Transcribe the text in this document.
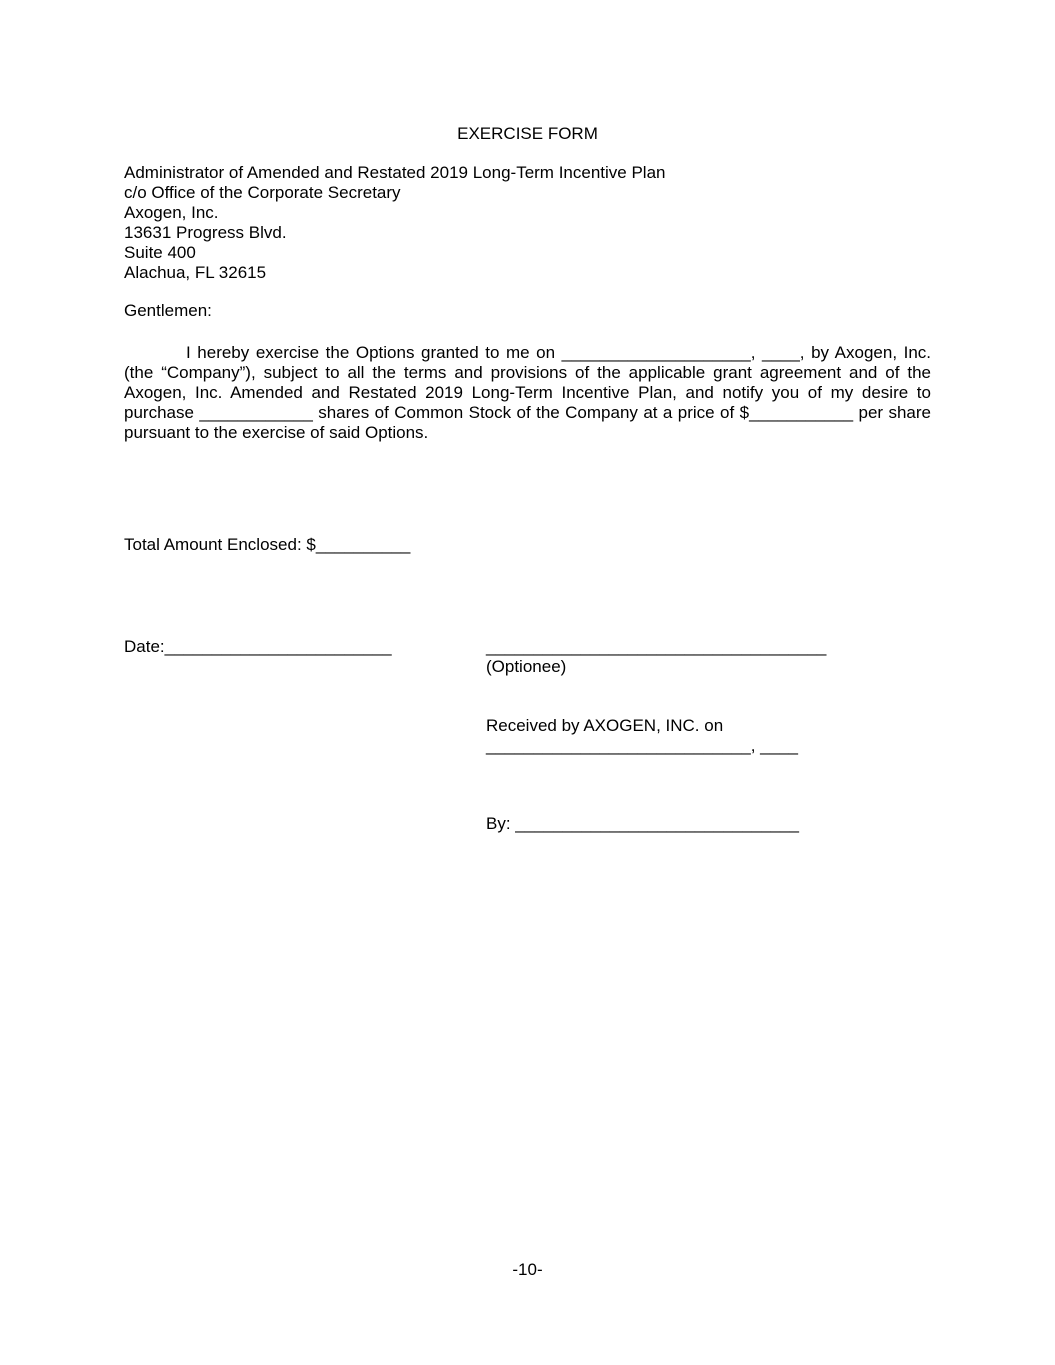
EXERCISE FORM
Administrator of Amended and Restated 2019 Long-Term Incentive Plan
c/o Office of the Corporate Secretary
Axogen, Inc.
13631 Progress Blvd.
Suite 400
Alachua, FL 32615
Gentlemen:
I hereby exercise the Options granted to me on ____________________, ____, by Axogen, Inc. (the “Company”), subject to all the terms and provisions of the applicable grant agreement and of the Axogen, Inc. Amended and Restated 2019 Long-Term Incentive Plan, and notify you of my desire to purchase ____________ shares of Common Stock of the Company at a price of $___________ per share pursuant to the exercise of said Options.
Total Amount Enclosed: $__________
Date:________________________	____________________________________
(Optionee)
Received by AXOGEN, INC. on
____________________________, ____
By: ______________________________
-10-
